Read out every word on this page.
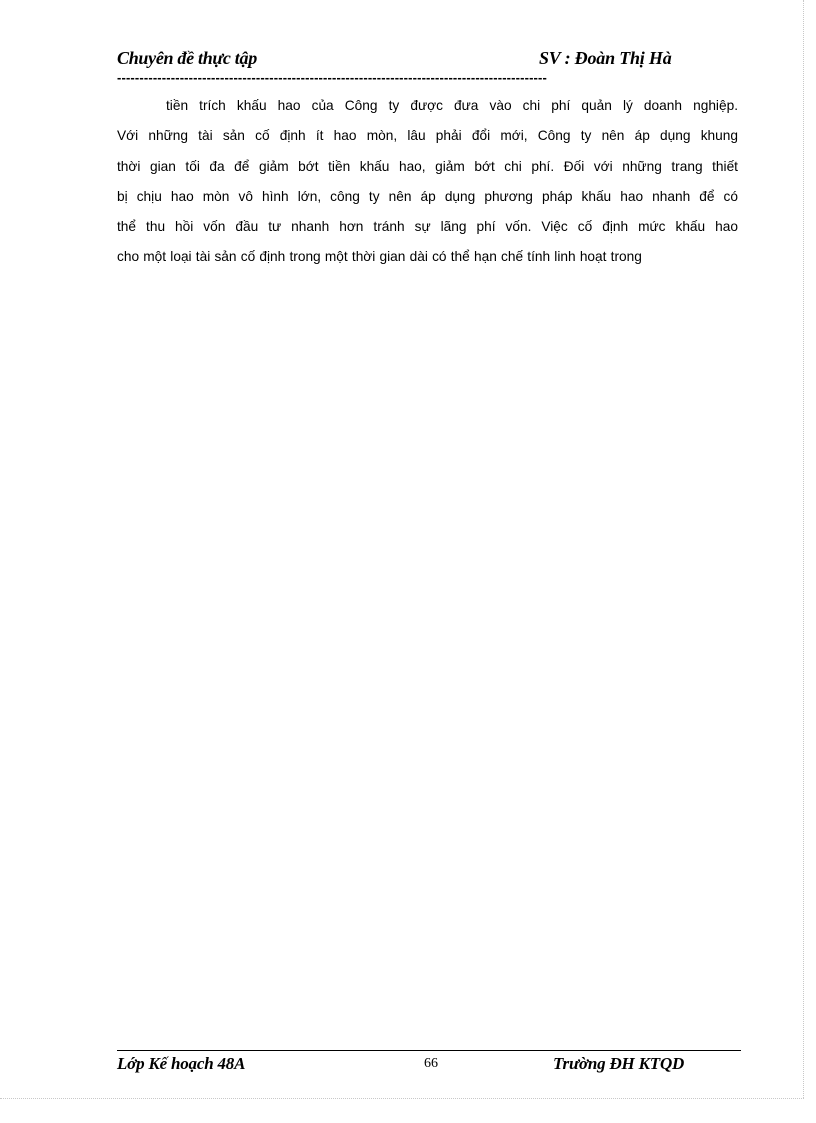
Chuyên đề thực tập	SV : Đoàn Thị Hà
------------------------------------------------------------------------------------------------
tiền trích khấu hao của Công ty được đưa vào chi phí quản lý doanh nghiệp.
Với những tài sản cố định ít hao mòn, lâu phải đổi mới, Công ty nên áp dụng khung
thời gian tối đa để giảm bớt tiền khấu hao, giảm bớt chi phí. Đối với những trang thiết
bị chịu hao mòn vô hình lớn, công ty nên áp dụng phương pháp khấu hao nhanh để có
thể thu hồi vốn đầu tư nhanh hơn tránh sự lãng phí vốn. Việc cố định mức khấu hao
cho một loại tài sản cố định trong một thời gian dài có thể hạn chế tính linh hoạt trong
Lớp Kế hoạch 48A	66	Trường ĐH KTQD
